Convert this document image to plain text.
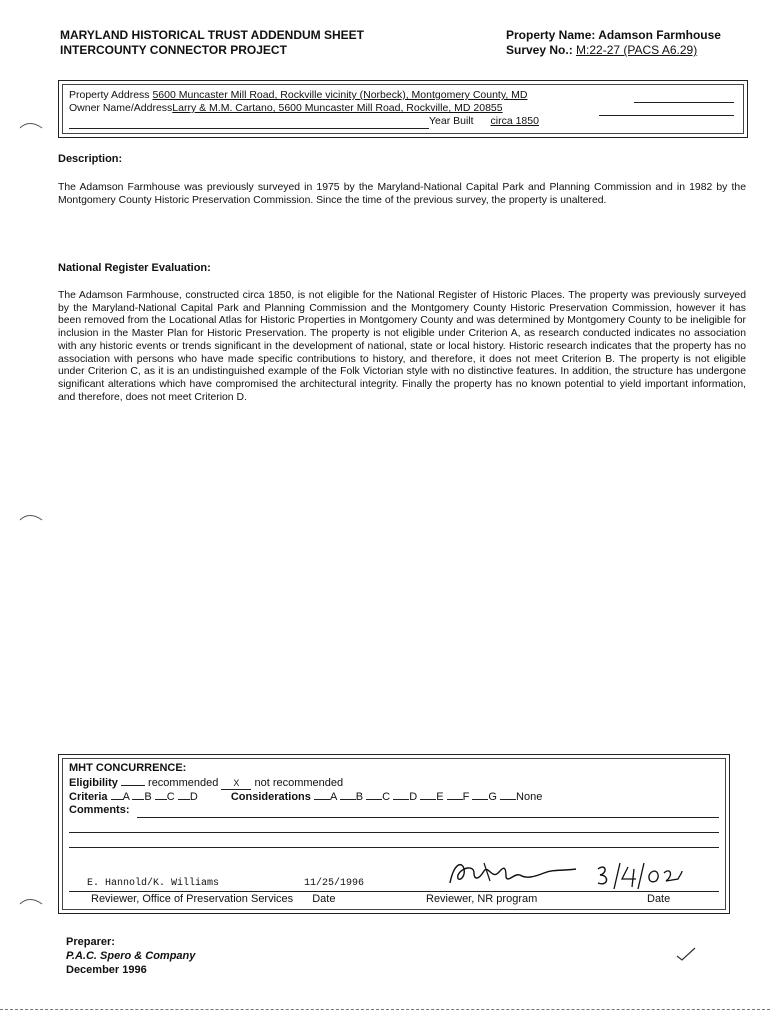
MARYLAND HISTORICAL TRUST ADDENDUM SHEET
INTERCOUNTY CONNECTOR PROJECT
Property Name: Adamson Farmhouse
Survey No.: M:22-27 (PACS A6.29)
Property Address 5600 Muncaster Mill Road, Rockville vicinity (Norbeck), Montgomery County, MD
Owner Name/AddressLarry & M.M. Cartano, 5600 Muncaster Mill Road, Rockville, MD 20855
Year Built circa 1850
Description:
The Adamson Farmhouse was previously surveyed in 1975 by the Maryland-National Capital Park and Planning Commission and in 1982 by the Montgomery County Historic Preservation Commission. Since the time of the previous survey, the property is unaltered.
National Register Evaluation:
The Adamson Farmhouse, constructed circa 1850, is not eligible for the National Register of Historic Places. The property was previously surveyed by the Maryland-National Capital Park and Planning Commission and the Montgomery County Historic Preservation Commission, however it has been removed from the Locational Atlas for Historic Properties in Montgomery County and was determined by Montgomery County to be ineligible for inclusion in the Master Plan for Historic Preservation. The property is not eligible under Criterion A, as research conducted indicates no association with any historic events or trends significant in the development of national, state or local history. Historic research indicates that the property has no association with persons who have made specific contributions to history, and therefore, it does not meet Criterion B. The property is not eligible under Criterion C, as it is an undistinguished example of the Folk Victorian style with no distinctive features. In addition, the structure has undergone significant alterations which have compromised the architectural integrity. Finally the property has no known potential to yield important information, and therefore, does not meet Criterion D.
MHT CONCURRENCE:
Eligibility	recommended X not recommended
Criteria A B C D	Considerations A B C D E F G None
Comments:
E. Hannold/K. Williams	11/25/1996
Reviewer, Office of Preservation Services Date	Reviewer, NR program	Date
Preparer:
P.A.C. Spero & Company
December 1996
